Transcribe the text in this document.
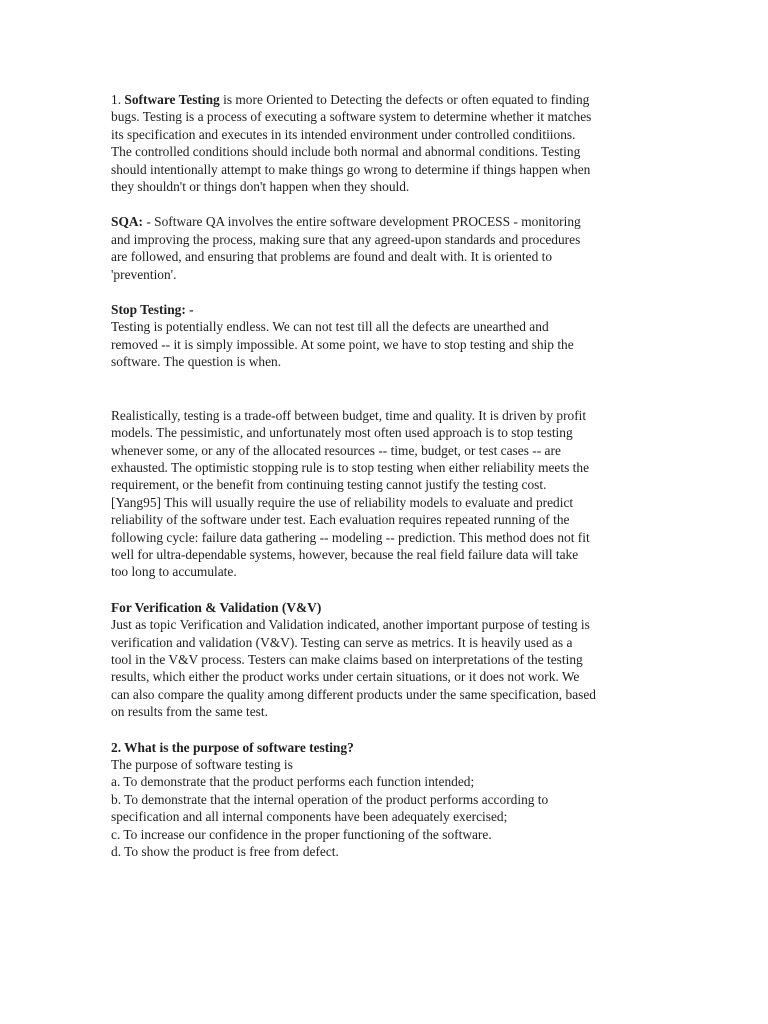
1. Software Testing is more Oriented to Detecting the defects or often equated to finding
bugs. Testing is a process of executing a software system to determine whether it matches
its specification and executes in its intended environment under controlled conditiions.
The controlled conditions should include both normal and abnormal conditions. Testing
should intentionally attempt to make things go wrong to determine if things happen when
they shouldn't or things don't happen when they should.

SQA: - Software QA involves the entire software development PROCESS - monitoring
and improving the process, making sure that any agreed-upon standards and procedures
are followed, and ensuring that problems are found and dealt with. It is oriented to
'prevention'.

Stop Testing: -

Testing is potentially endless. We can not test till all the defects are unearthed and
removed -- it is simply impossible. At some point, we have to stop testing and ship the
software. The question is when.

Realistically, testing is a trade-off between budget, time and quality. It is driven by profit
models. The pessimistic, and unfortunately most often used approach is to stop testing
whenever some, or any of the allocated resources -- time, budget, or test cases -- are
exhausted. The optimistic stopping rule is to stop testing when either reliability meets the
requirement, or the benefit from continuing testing cannot justify the testing cost.
[Yang95] This will usually require the use of reliability models to evaluate and predict
reliability of the software under test. Each evaluation requires repeated running of the
following cycle: failure data gathering -- modeling -- prediction. This method does not fit
well for ultra-dependable systems, however, because the real field failure data will take
too long to accumulate.

For Verification & Validation (V&V)

Just as topic Verification and Validation indicated, another important purpose of testing is
verification and validation (V&V). Testing can serve as metrics. It is heavily used as a
tool in the V&V process. Testers can make claims based on interpretations of the testing
results, which either the product works under certain situations, or it does not work. We
can also compare the quality among different products under the same specification, based
on results from the same test.

2. What is the purpose of software testing?

The purpose of software testing is

a. To demonstrate that the product performs each function intended;

b. To demonstrate that the internal operation of the product performs according to
specification and all internal components have been adequately exercised;

c. To increase our confidence in the proper functioning of the software.

d. To show the product is free from defect.
